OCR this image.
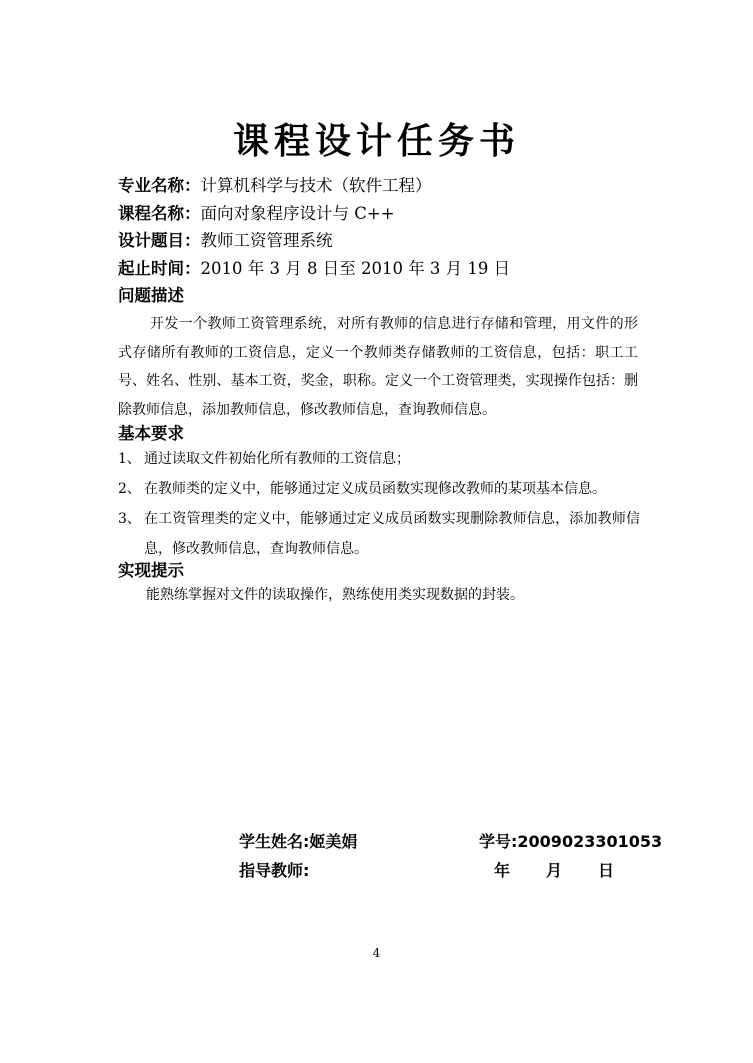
课程设计任务书
专业名称：计算机科学与技术（软件工程）
课程名称：面向对象程序设计与 C++
设计题目：教师工资管理系统
起止时间：2010 年 3 月 8 日至 2010 年 3 月 19 日
问题描述

开发一个教师工资管理系统，对所有教师的信息进行存储和管理，用文件的形式存储所有教师的工资信息，定义一个教师类存储教师的工资信息，包括：职工工号、姓名、性别、基本工资，奖金，职称。定义一个工资管理类，实现操作包括：删除教师信息，添加教师信息，修改教师信息，查询教师信息。

基本要求
1、 通过读取文件初始化所有教师的工资信息；
2、 在教师类的定义中，能够通过定义成员函数实现修改教师的某项基本信息。
3、 在工资管理类的定义中，能够通过定义成员函数实现删除教师信息，添加教师信息，修改教师信息，查询教师信息。
实现提示
能熟练掌握对文件的读取操作，熟练使用类实现数据的封装。
学生姓名:姬美娟	学号:2009023301053
指导教师:	年 月 日
4
